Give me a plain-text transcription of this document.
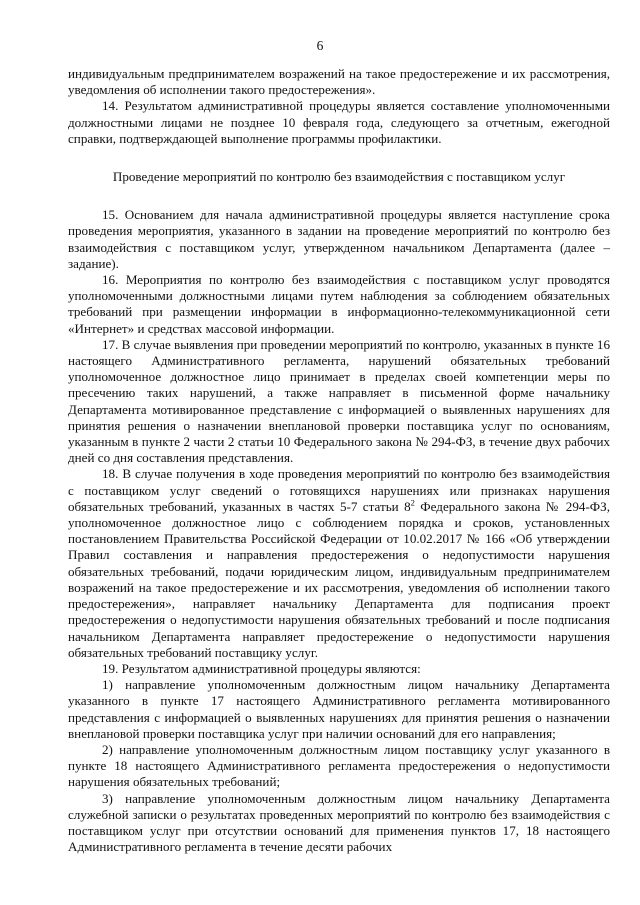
6

индивидуальным предпринимателем возражений на такое предостережение и их рассмотрения, уведомления об исполнении такого предостережения».

14. Результатом административной процедуры является составление уполномоченными должностными лицами не позднее 10 февраля года, следующего за отчетным, ежегодной справки, подтверждающей выполнение программы профилактики.

Проведение мероприятий по контролю без взаимодействия с поставщиком услуг

15. Основанием для начала административной процедуры является наступление срока проведения мероприятия, указанного в задании на проведение мероприятий по контролю без взаимодействия с поставщиком услуг, утвержденном начальником Департамента (далее – задание).

16. Мероприятия по контролю без взаимодействия с поставщиком услуг проводятся уполномоченными должностными лицами путем наблюдения за соблюдением обязательных требований при размещении информации в информационно-телекоммуникационной сети «Интернет» и средствах массовой информации.

17. В случае выявления при проведении мероприятий по контролю, указанных в пункте 16 настоящего Административного регламента, нарушений обязательных требований уполномоченное должностное лицо принимает в пределах своей компетенции меры по пресечению таких нарушений, а также направляет в письменной форме начальнику Департамента мотивированное представление с информацией о выявленных нарушениях для принятия решения о назначении внеплановой проверки поставщика услуг по основаниям, указанным в пункте 2 части 2 статьи 10 Федерального закона № 294-ФЗ, в течение двух рабочих дней со дня составления представления.

18. В случае получения в ходе проведения мероприятий по контролю без взаимодействия с поставщиком услуг сведений о готовящихся нарушениях или признаках нарушения обязательных требований, указанных в частях 5-7 статьи $8^2$ Федерального закона № 294-ФЗ, уполномоченное должностное лицо с соблюдением порядка и сроков, установленных постановлением Правительства Российской Федерации от 10.02.2017 № 166 «Об утверждении Правил составления и направления предостережения о недопустимости нарушения обязательных требований, подачи юридическим лицом, индивидуальным предпринимателем возражений на такое предостережение и их рассмотрения, уведомления об исполнении такого предостережения», направляет начальнику Департамента для подписания проект предостережения о недопустимости нарушения обязательных требований и после подписания начальником Департамента направляет предостережение о недопустимости нарушения обязательных требований поставщику услуг.

19. Результатом административной процедуры являются:

1) направление уполномоченным должностным лицом начальнику Департамента указанного в пункте 17 настоящего Административного регламента мотивированного представления с информацией о выявленных нарушениях для принятия решения о назначении внеплановой проверки поставщика услуг при наличии оснований для его направления;

2) направление уполномоченным должностным лицом поставщику услуг указанного в пункте 18 настоящего Административного регламента предостережения о недопустимости нарушения обязательных требований;

3) направление уполномоченным должностным лицом начальнику Департамента служебной записки о результатах проведенных мероприятий по контролю без взаимодействия с поставщиком услуг при отсутствии оснований для применения пунктов 17, 18 настоящего Административного регламента в течение десяти рабочих
